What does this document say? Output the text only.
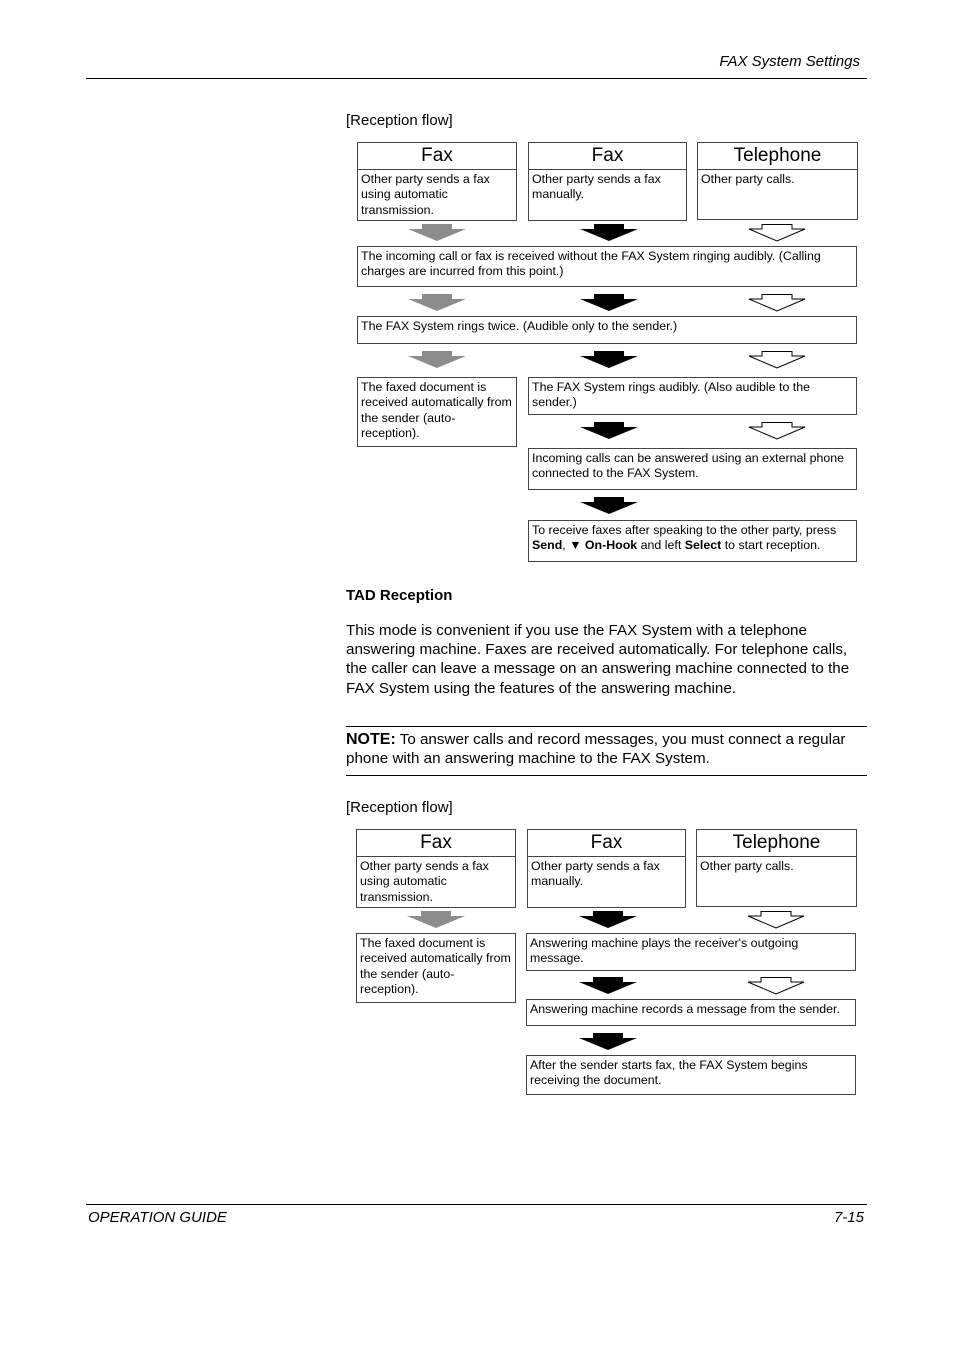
FAX System Settings
[Reception flow]
Fax
Other party sends a fax using automatic transmission.
Fax
Other party sends a fax manually.
Telephone
Other party calls.
The incoming call or fax is received without the FAX System ringing audibly. (Calling charges are incurred from this point.)
The FAX System rings twice. (Audible only to the sender.)
The faxed document is received automatically from the sender (auto-reception).
The FAX System rings audibly. (Also audible to the sender.)
Incoming calls can be answered using an external phone connected to the FAX System.
To receive faxes after speaking to the other party, press Send, ▼ On-Hook and left Select to start reception.
TAD Reception
This mode is convenient if you use the FAX System with a telephone answering machine. Faxes are received automatically. For telephone calls, the caller can leave a message on an answering machine connected to the FAX System using the features of the answering machine.
NOTE: To answer calls and record messages, you must connect a regular phone with an answering machine to the FAX System.
[Reception flow]
Fax
Other party sends a fax using automatic transmission.
Fax
Other party sends a fax manually.
Telephone
Other party calls.
The faxed document is received automatically from the sender (auto-reception).
Answering machine plays the receiver's outgoing message.
Answering machine records a message from the sender.
After the sender starts fax, the FAX System begins receiving the document.
OPERATION GUIDE	7-15
